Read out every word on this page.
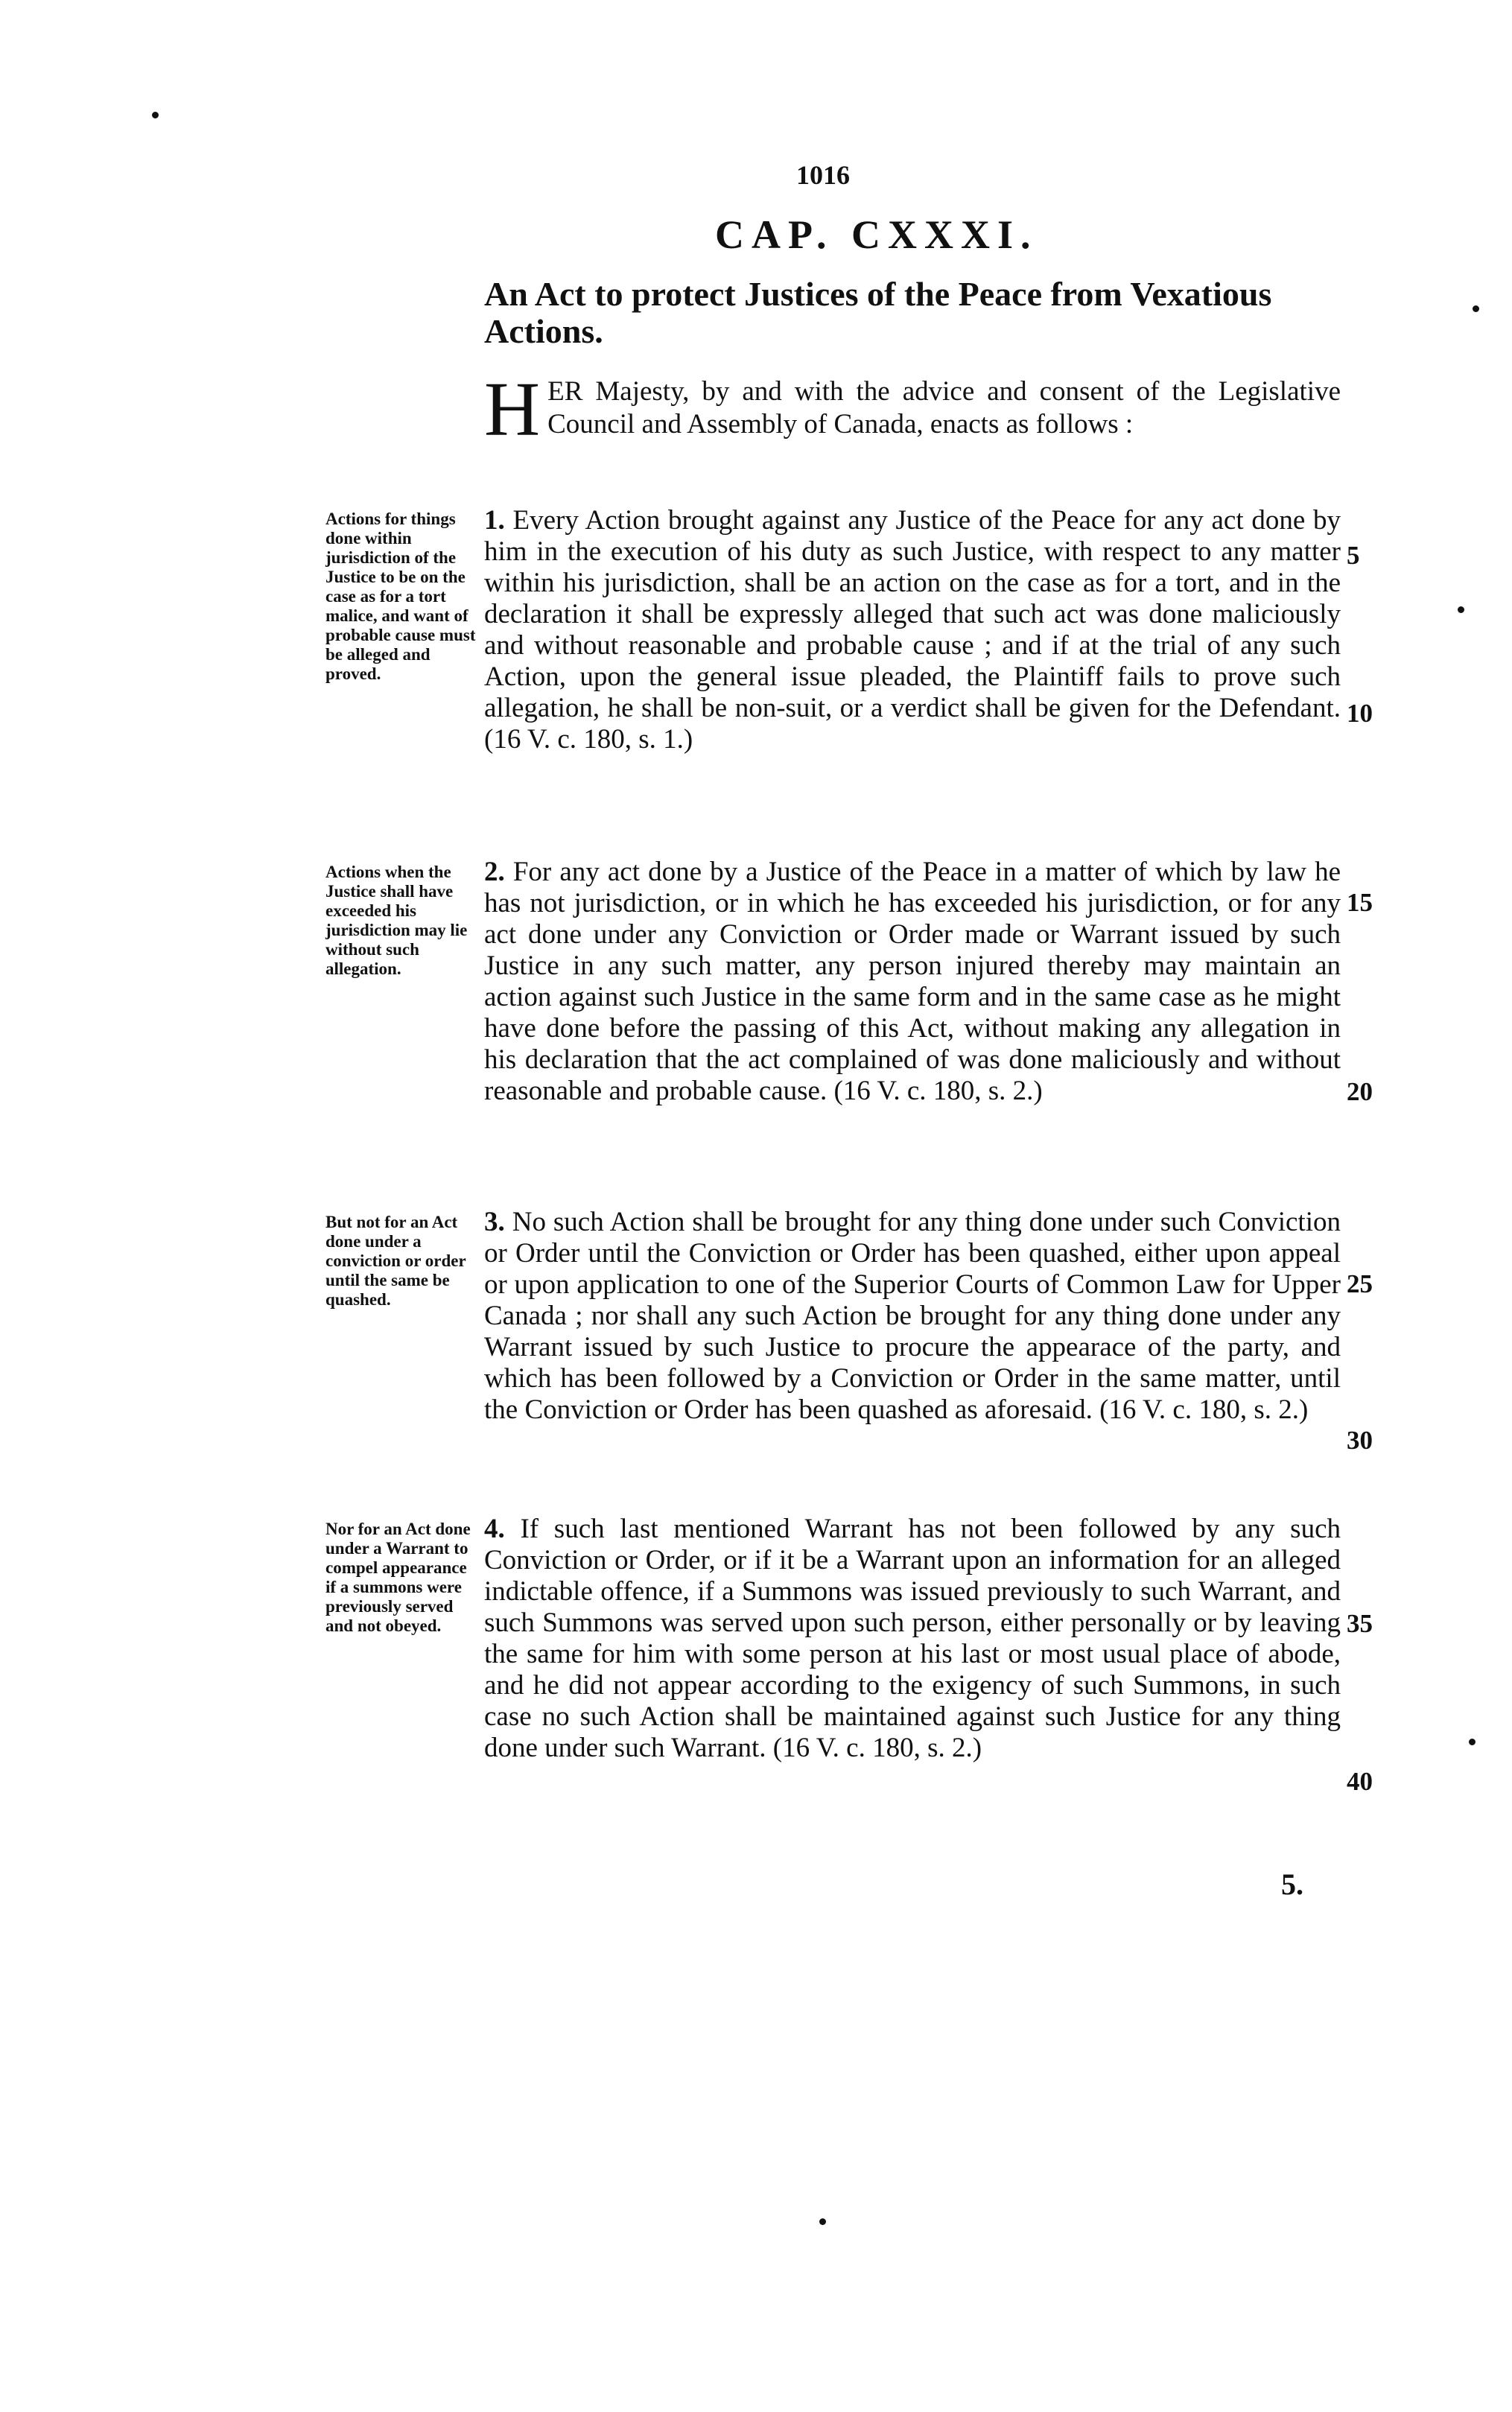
1016
CAP. CXXXI.
An Act to protect Justices of the Peace from Vexatious Actions.
HER Majesty, by and with the advice and consent of the Legislative Council and Assembly of Canada, enacts as follows :
Actions for things done within jurisdiction of the Justice to be on the case as for a tort malice, and want of probable cause must be alleged and proved.

1. Every Action brought against any Justice of the Peace for any act done by him in the execution of his duty as such Justice, with respect to any matter within his jurisdiction, shall be an action on the case as for a tort, and in the declaration it shall be expressly alleged that such act was done maliciously and without reasonable and probable cause ; and if at the trial of any such Action, upon the general issue pleaded, the Plaintiff fails to prove such allegation, he shall be non-suit, or a verdict shall be given for the Defendant. (16 V. c. 180, s. 1.)

Actions when the Justice shall have exceeded his jurisdiction may lie without such allegation.

2. For any act done by a Justice of the Peace in a matter of which by law he has not jurisdiction, or in which he has exceeded his jurisdiction, or for any act done under any Conviction or Order made or Warrant issued by such Justice in any such matter, any person injured thereby may maintain an action against such Justice in the same form and in the same case as he might have done before the passing of this Act, without making any allegation in his declaration that the act complained of was done maliciously and without reasonable and probable cause. (16 V. c. 180, s. 2.)

But not for an Act done under a conviction or order until the same be quashed.

3. No such Action shall be brought for any thing done under such Conviction or Order until the Conviction or Order has been quashed, either upon appeal or upon application to one of the Superior Courts of Common Law for Upper Canada ; nor shall any such Action be brought for any thing done under any Warrant issued by such Justice to procure the appearace of the party, and which has been followed by a Conviction or Order in the same matter, until the Conviction or Order has been quashed as aforesaid. (16 V. c. 180, s. 2.)

Nor for an Act done under a Warrant to compel appearance if a summons were previously served and not obeyed.

4. If such last mentioned Warrant has not been followed by any such Conviction or Order, or if it be a Warrant upon an information for an alleged indictable offence, if a Summons was issued previously to such Warrant, and such Summons was served upon such person, either personally or by leaving the same for him with some person at his last or most usual place of abode, and he did not appear according to the exigency of such Summons, in such case no such Action shall be maintained against such Justice for any thing done under such Warrant. (16 V. c. 180, s. 2.)

5
10
15
20
25
30
35
40
5.
